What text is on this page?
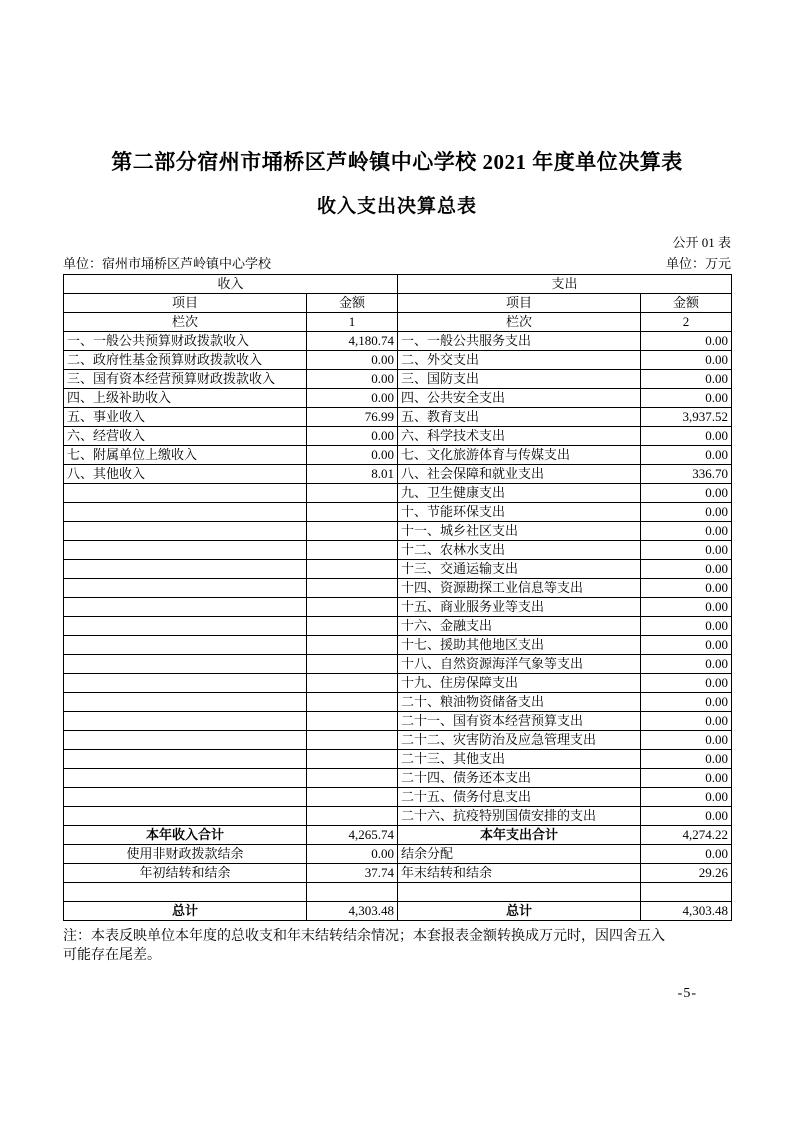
第二部分宿州市埇桥区芦岭镇中心学校 2021 年度单位决算表
收入支出决算总表
公开 01 表
单位：宿州市埇桥区芦岭镇中心学校	单位：万元
收入		支出	
项目	金额	项目	金额
栏次	1	栏次	2
一、一般公共预算财政拨款收入	4,180.74	一、一般公共服务支出	0.00
二、政府性基金预算财政拨款收入	0.00	二、外交支出	0.00
三、国有资本经营预算财政拨款收入	0.00	三、国防支出	0.00
四、上级补助收入	0.00	四、公共安全支出	0.00
五、事业收入	76.99	五、教育支出	3,937.52
六、经营收入	0.00	六、科学技术支出	0.00
七、附属单位上缴收入	0.00	七、文化旅游体育与传媒支出	0.00
八、其他收入	8.01	八、社会保障和就业支出	336.70
		九、卫生健康支出	0.00
		十、节能环保支出	0.00
		十一、城乡社区支出	0.00
		十二、农林水支出	0.00
		十三、交通运输支出	0.00
		十四、资源勘探工业信息等支出	0.00
		十五、商业服务业等支出	0.00
		十六、金融支出	0.00
		十七、援助其他地区支出	0.00
		十八、自然资源海洋气象等支出	0.00
		十九、住房保障支出	0.00
		二十、粮油物资储备支出	0.00
		二十一、国有资本经营预算支出	0.00
		二十二、灾害防治及应急管理支出	0.00
		二十三、其他支出	0.00
		二十四、债务还本支出	0.00
		二十五、债务付息支出	0.00
		二十六、抗疫特别国债安排的支出	0.00
本年收入合计	4,265.74	本年支出合计	4,274.22
使用非财政拨款结余	0.00	结余分配	0.00
年初结转和结余	37.74	年末结转和结余	29.26

总计	4,303.48	总计	4,303.48
注：本表反映单位本年度的总收支和年末结转结余情况；本套报表金额转换成万元时，因四舍五入可能存在尾差。
-5-
